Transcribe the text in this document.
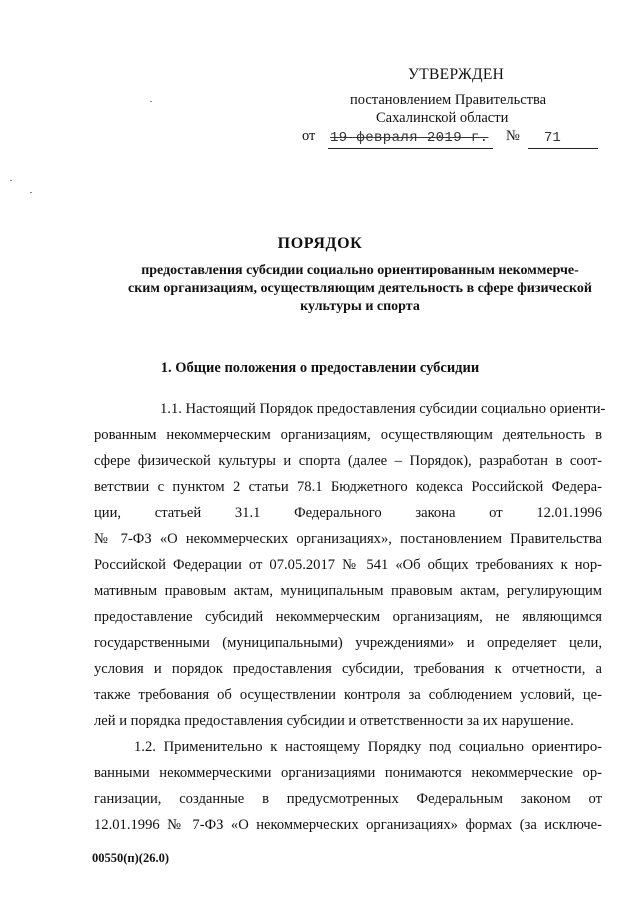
УТВЕРЖДЕН
постановлением Правительства
Сахалинской области
от 19 февраля 2019 г. № 71
ПОРЯДОК
предоставления субсидии социально ориентированным некоммерче-
ским организациям, осуществляющим деятельность в сфере физической
культуры и спорта
1. Общие положения о предоставлении субсидии
1.1. Настоящий Порядок предоставления субсидии социально ориенти-
рованным некоммерческим организациям, осуществляющим деятельность в
сфере физической культуры и спорта (далее – Порядок), разработан в соот-
ветствии с пунктом 2 статьи 78.1 Бюджетного кодекса Российской Федера-
ции,       статьей       31.1       Федерального       закона       от       12.01.1996
№ 7-ФЗ «О некоммерческих организациях», постановлением Правительства
Российской Федерации от 07.05.2017 № 541 «Об общих требованиях к нор-
мативным правовым актам, муниципальным правовым актам, регулирующим
предоставление субсидий некоммерческим организациям, не являющимся
государственными (муниципальными) учреждениями» и определяет цели,
условия и порядок предоставления субсидии, требования к отчетности, а
также требования об осуществлении контроля за соблюдением условий, це-
лей и порядка предоставления субсидии и ответственности за их нарушение.
1.2. Применительно к настоящему Порядку под социально ориентиро-
ванными некоммерческими организациями понимаются некоммерческие ор-
ганизации, созданные в предусмотренных Федеральным законом от
12.01.1996 № 7-ФЗ «О некоммерческих организациях» формах (за исключе-
00550(п)(26.0)
